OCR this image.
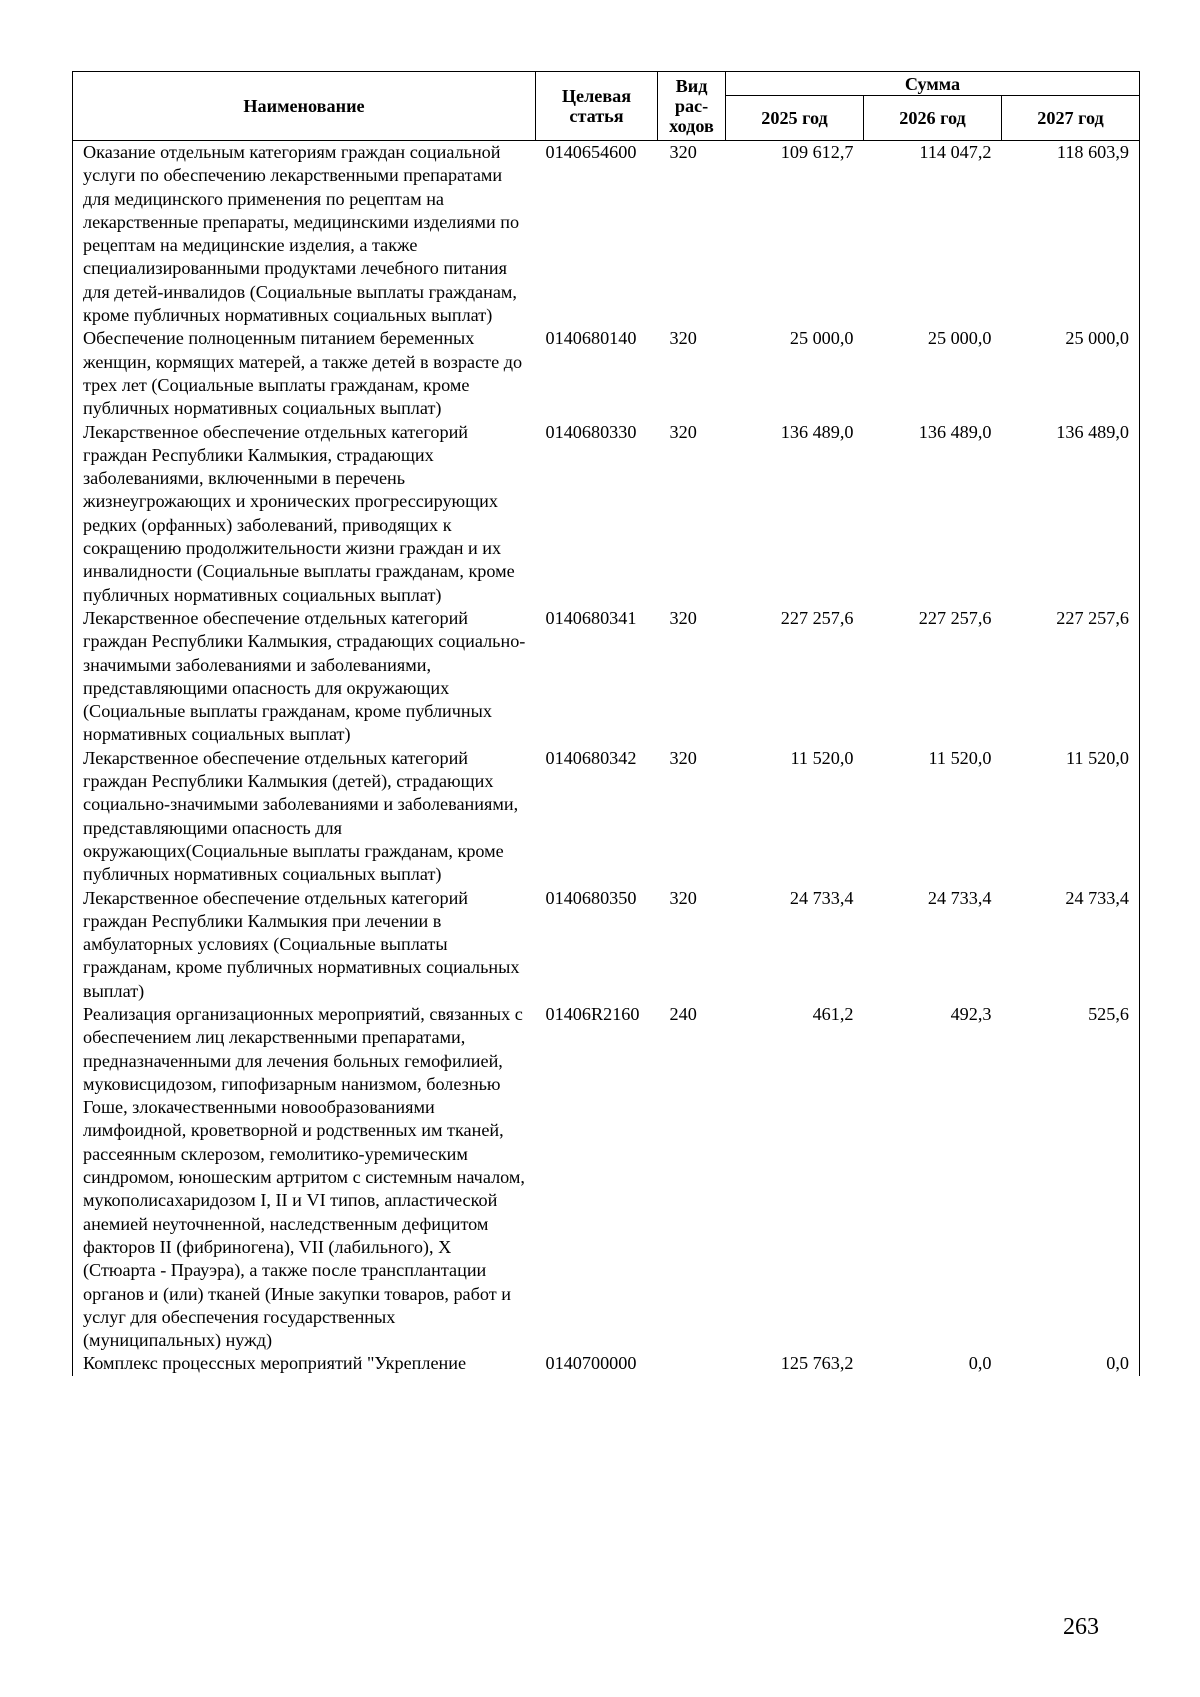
Наименование	Целевая статья	Вид рас-ходов	Сумма		
			2025 год	2026 год	2027 год
Оказание отдельным категориям граждан социальной услуги по обеспечению лекарственными препаратами для медицинского применения по рецептам на лекарственные препараты, медицинскими изделиями по рецептам на медицинские изделия, а также специализированными продуктами лечебного питания для детей-инвалидов (Социальные выплаты гражданам, кроме публичных нормативных социальных выплат)	0140654600	320	109 612,7	114 047,2	118 603,9
Обеспечение полноценным питанием беременных женщин, кормящих матерей, а также детей в возрасте до трех лет (Социальные выплаты гражданам, кроме публичных нормативных социальных выплат)	0140680140	320	25 000,0	25 000,0	25 000,0
Лекарственное обеспечение отдельных категорий граждан Республики Калмыкия, страдающих заболеваниями, включенными в перечень жизнеугрожающих и хронических прогрессирующих редких (орфанных) заболеваний, приводящих к сокращению продолжительности жизни граждан и их инвалидности (Социальные выплаты гражданам, кроме публичных нормативных социальных выплат)	0140680330	320	136 489,0	136 489,0	136 489,0
Лекарственное обеспечение отдельных категорий граждан Республики Калмыкия, страдающих социально-значимыми заболеваниями и заболеваниями, представляющими опасность для окружающих (Социальные выплаты гражданам, кроме публичных нормативных социальных выплат)	0140680341	320	227 257,6	227 257,6	227 257,6
Лекарственное обеспечение отдельных категорий граждан Республики Калмыкия (детей), страдающих социально-значимыми заболеваниями и заболеваниями, представляющими опасность для окружающих(Социальные выплаты гражданам, кроме публичных нормативных социальных выплат)	0140680342	320	11 520,0	11 520,0	11 520,0
Лекарственное обеспечение отдельных категорий граждан Республики Калмыкия при лечении в амбулаторных условиях (Социальные выплаты гражданам, кроме публичных нормативных социальных выплат)	0140680350	320	24 733,4	24 733,4	24 733,4
Реализация организационных мероприятий, связанных с обеспечением лиц лекарственными препаратами, предназначенными для лечения больных гемофилией, муковисцидозом, гипофизарным нанизмом, болезнью Гоше, злокачественными новообразованиями лимфоидной, кроветворной и родственных им тканей, рассеянным склерозом, гемолитико-уремическим синдромом, юношеским артритом с системным началом, мукополисахаридозом I, II и VI типов, апластической анемией неуточненной, наследственным дефицитом факторов II (фибриногена), VII (лабильного), X (Стюарта - Прауэра), а также после трансплантации органов и (или) тканей (Иные закупки товаров, работ и услуг для обеспечения государственных (муниципальных) нужд)	01406R2160	240	461,2	492,3	525,6
Комплекс процессных мероприятий "Укрепление	0140700000		125 763,2	0,0	0,0
263
